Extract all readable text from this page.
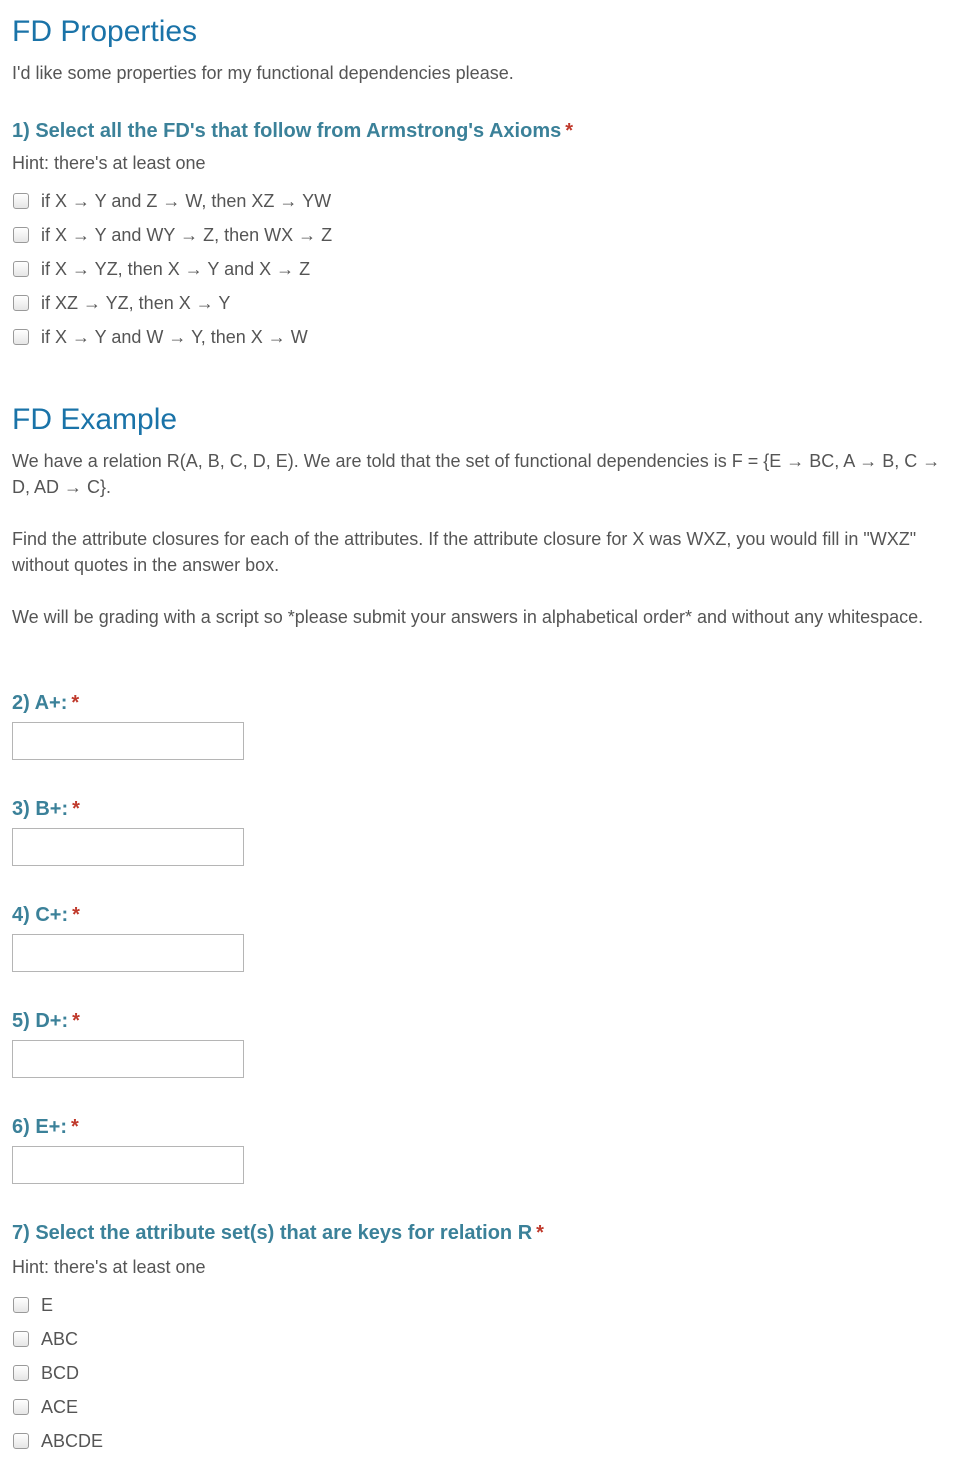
FD Properties

I'd like some properties for my functional dependencies please.

1) Select all the FD's that follow from Armstrong's Axioms *

Hint: there's at least one

if X → Y and Z → W, then XZ → YW
if X → Y and WY → Z, then WX → Z
if X → YZ, then X → Y and X → Z
if XZ → YZ, then X → Y
if X → Y and W → Y, then X → W
FD Example

We have a relation R(A, B, C, D, E). We are told that the set of functional dependencies is F = {E → BC, A → B, C → D, AD → C}.

Find the attribute closures for each of the attributes. If the attribute closure for X was WXZ, you would fill in "WXZ" without quotes in the answer box.

We will be grading with a script so *please submit your answers in alphabetical order* and without any whitespace.

2) A+: *

3) B+: *

4) C+: *

5) D+: *

6) E+: *

7) Select the attribute set(s) that are keys for relation R *

Hint: there's at least one

E
ABC
BCD
ACE
ABCDE
